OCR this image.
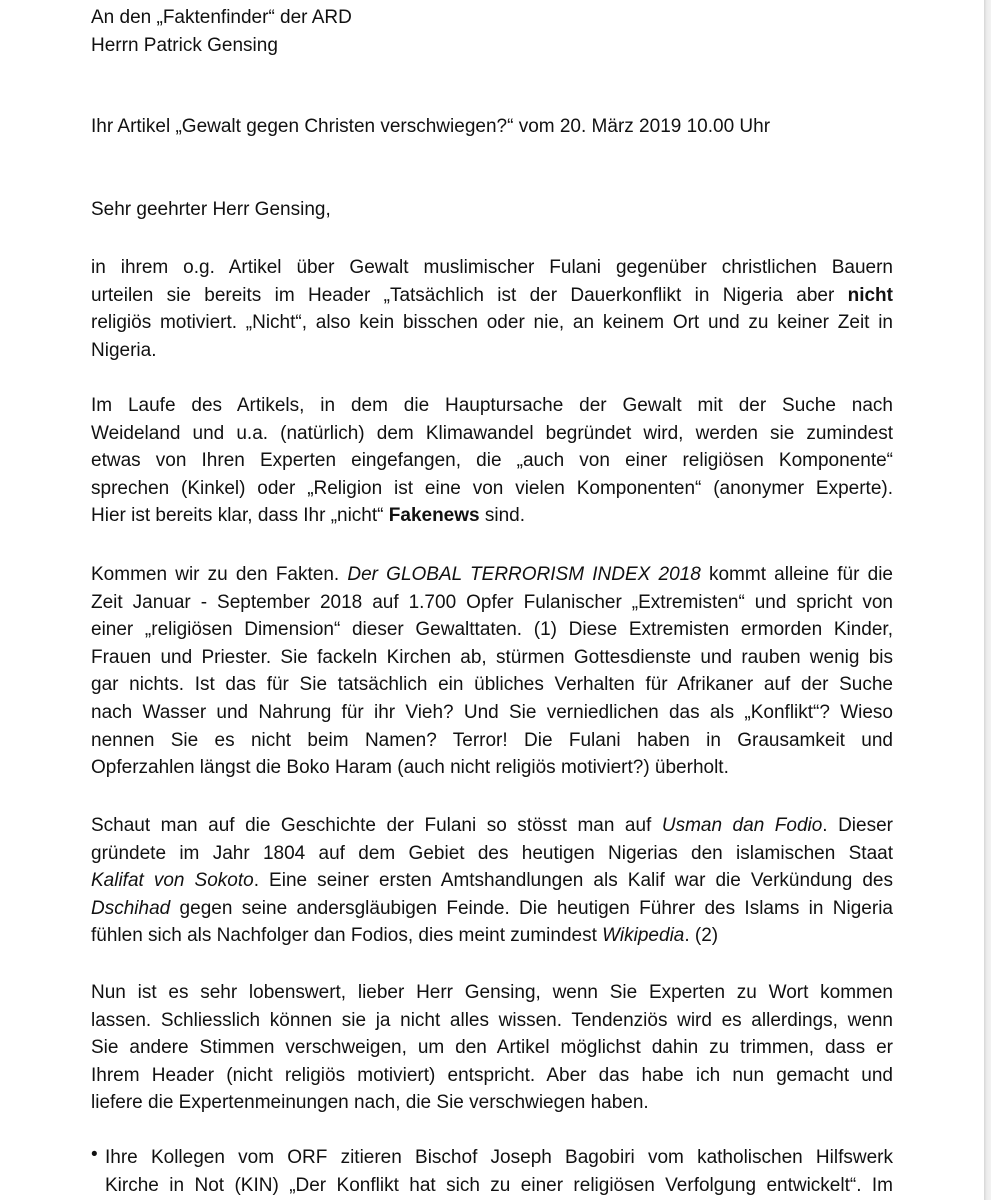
An den „Faktenfinder“ der ARD
Herrn Patrick Gensing
Ihr Artikel „Gewalt gegen Christen verschwiegen?“ vom 20. März 2019 10.00 Uhr
Sehr geehrter Herr Gensing,
in ihrem o.g. Artikel über Gewalt muslimischer Fulani gegenüber christlichen Bauern
urteilen sie bereits im Header „Tatsächlich ist der Dauerkonflikt in Nigeria aber nicht
religiös motiviert. „Nicht“, also kein bisschen oder nie, an keinem Ort und zu keiner Zeit in
Nigeria.
Im Laufe des Artikels, in dem die Hauptursache der Gewalt mit der Suche nach
Weideland und u.a. (natürlich) dem Klimawandel begründet wird, werden sie zumindest
etwas von Ihren Experten eingefangen, die „auch von einer religiösen Komponente“
sprechen (Kinkel) oder „Religion ist eine von vielen Komponenten“ (anonymer Experte).
Hier ist bereits klar, dass Ihr „nicht“ Fakenews sind.
Kommen wir zu den Fakten. Der GLOBAL TERRORISM INDEX 2018 kommt alleine für die
Zeit Januar - September 2018 auf 1.700 Opfer Fulanischer „Extremisten“ und spricht von
einer „religiösen Dimension“ dieser Gewalttaten. (1) Diese Extremisten ermorden Kinder,
Frauen und Priester. Sie fackeln Kirchen ab, stürmen Gottesdienste und rauben wenig bis
gar nichts. Ist das für Sie tatsächlich ein übliches Verhalten für Afrikaner auf der Suche
nach Wasser und Nahrung für ihr Vieh? Und Sie verniedlichen das als „Konflikt“? Wieso
nennen Sie es nicht beim Namen? Terror! Die Fulani haben in Grausamkeit und
Opferzahlen längst die Boko Haram (auch nicht religiös motiviert?) überholt.
Schaut man auf die Geschichte der Fulani so stösst man auf Usman dan Fodio. Dieser
gründete im Jahr 1804 auf dem Gebiet des heutigen Nigerias den islamischen Staat
Kalifat von Sokoto. Eine seiner ersten Amtshandlungen als Kalif war die Verkündung des
Dschihad gegen seine andersgläubigen Feinde. Die heutigen Führer des Islams in Nigeria
fühlen sich als Nachfolger dan Fodios, dies meint zumindest Wikipedia. (2)
Nun ist es sehr lobenswert, lieber Herr Gensing, wenn Sie Experten zu Wort kommen
lassen. Schliesslich können sie ja nicht alles wissen. Tendenziös wird es allerdings, wenn
Sie andere Stimmen verschweigen, um den Artikel möglichst dahin zu trimmen, dass er
Ihrem Header (nicht religiös motiviert) entspricht. Aber das habe ich nun gemacht und
liefere die Expertenmeinungen nach, die Sie verschwiegen haben.
• Ihre Kollegen vom ORF zitieren Bischof Joseph Bagobiri vom katholischen Hilfswerk
Kirche in Not (KIN) „Der Konflikt hat sich zu einer religiösen Verfolgung entwickelt“. Im
